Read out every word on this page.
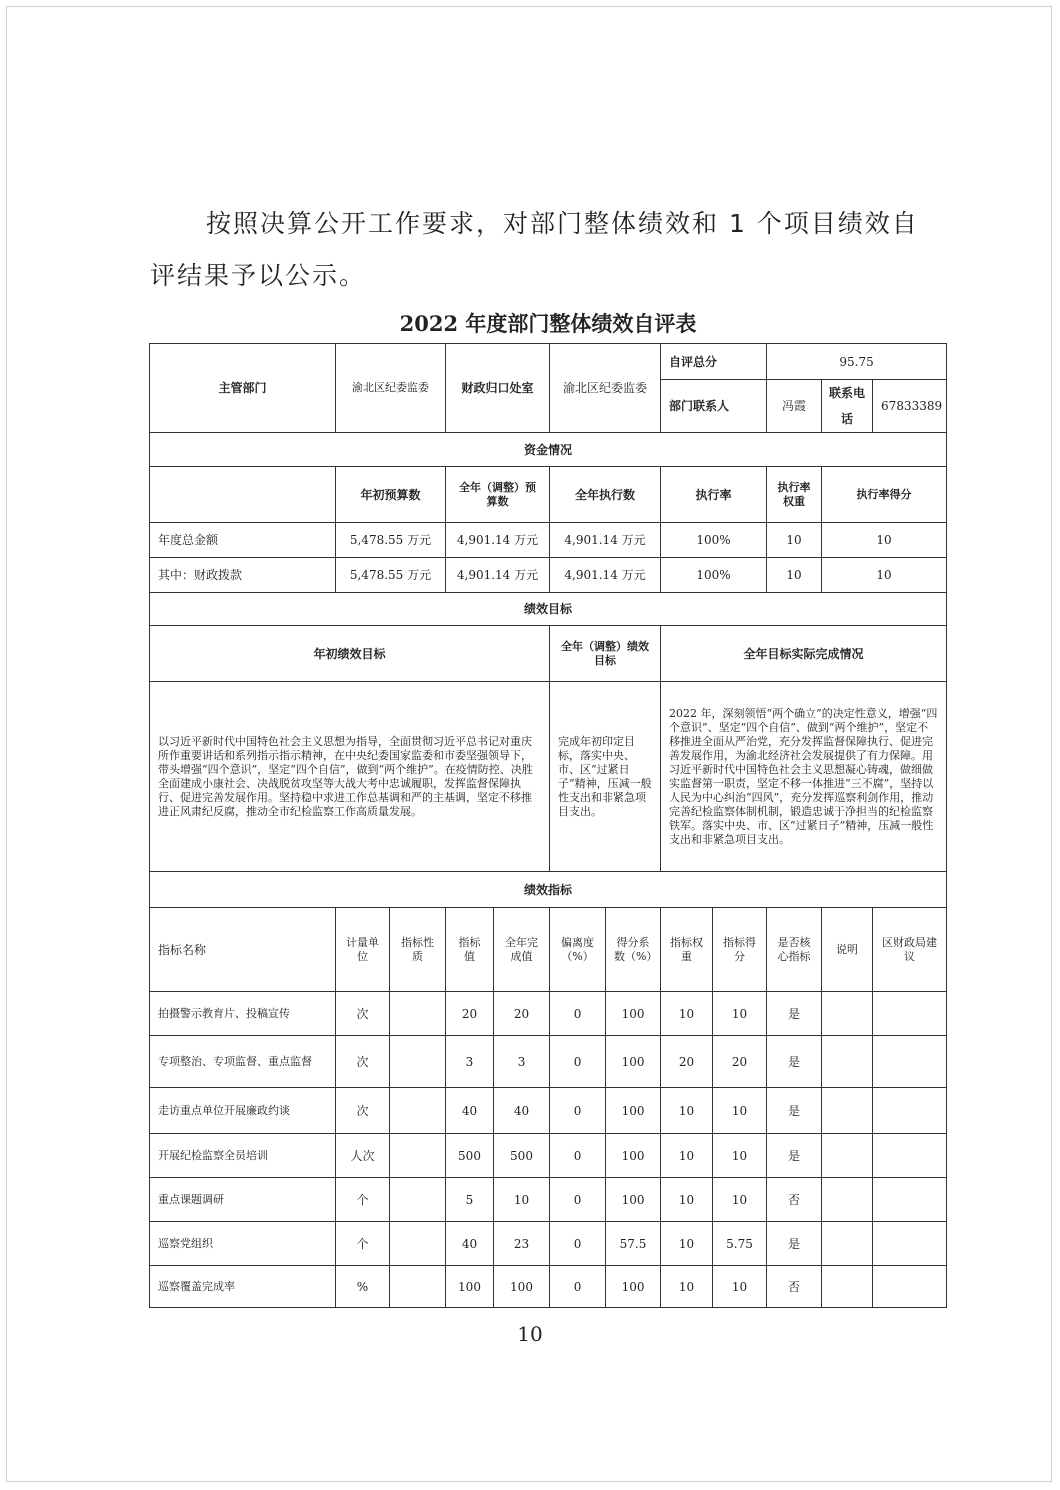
按照决算公开工作要求，对部门整体绩效和 1 个项目绩效自评结果予以公示。
2022 年度部门整体绩效自评表
主管部门	渝北区纪委监委		财政归口处室		渝北区纪委监委		自评总分		95.75		
							部门联系人		冯霞	联系电话	67833389
资金情况											
	年初预算数		全年（调整）预算数		全年执行数		执行率		执行率权重	执行率得分	
年度总金额	5,478.55 万元		4,901.14 万元		4,901.14 万元		100%		10	10	
其中：财政拨款	5,478.55 万元		4,901.14 万元		4,901.14 万元		100%		10	10	
绩效目标											
年初绩效目标					全年（调整）绩效目标		全年目标实际完成情况				
以习近平新时代中国特色社会主义思想为指导，全面贯彻习近平总书记对重庆所作重要讲话和系列指示指示精神，在中央纪委国家监委和市委坚强领导下，带头增强“四个意识”，坚定“四个自信”，做到“两个维护”。在疫情防控、决胜全面建成小康社会、决战脱贫攻坚等大战大考中忠诚履职，发挥监督保障执行、促进完善发展作用。坚持稳中求进工作总基调和严的主基调，坚定不移推进正风肃纪反腐，推动全市纪检监察工作高质量发展。					完成年初印定目标，落实中央、市、区“过紧日子”精神，压减一般性支出和非紧急项目支出。		2022 年，深刻领悟“两个确立”的决定性意义，增强“四个意识”、坚定“四个自信”、做到“两个维护”，坚定不移推进全面从严治党，充分发挥监督保障执行、促进完善发展作用，为渝北经济社会发展提供了有力保障。用习近平新时代中国特色社会主义思想凝心铸魂，做细做实监督第一职责，坚定不移一体推进“三不腐”，坚持以人民为中心纠治“四风”，充分发挥巡察利剑作用，推动完善纪检监察体制机制，锻造忠诚于净担当的纪检监察铁军。落实中央、市、区“过紧日子”精神，压减一般性支出和非紧急项目支出。				
绩效指标											
指标名称	计量单位	指标性质	指标值	全年完成值	偏离度（%）	得分系数（%）	指标权重	指标得分	是否核心指标	说明	区财政局建议
拍摄警示教育片、投稿宣传	次		20	20	0	100	10	10	是		
专项整治、专项监督、重点监督	次		3	3	0	100	20	20	是		
走访重点单位开展廉政约谈	次		40	40	0	100	10	10	是		
开展纪检监察全员培训	人次		500	500	0	100	10	10	是		
重点课题调研	个		5	10	0	100	10	10	否		
巡察党组织	个		40	23	0	57.5	10	5.75	是		
巡察覆盖完成率	%		100	100	0	100	10	10	否		
10
